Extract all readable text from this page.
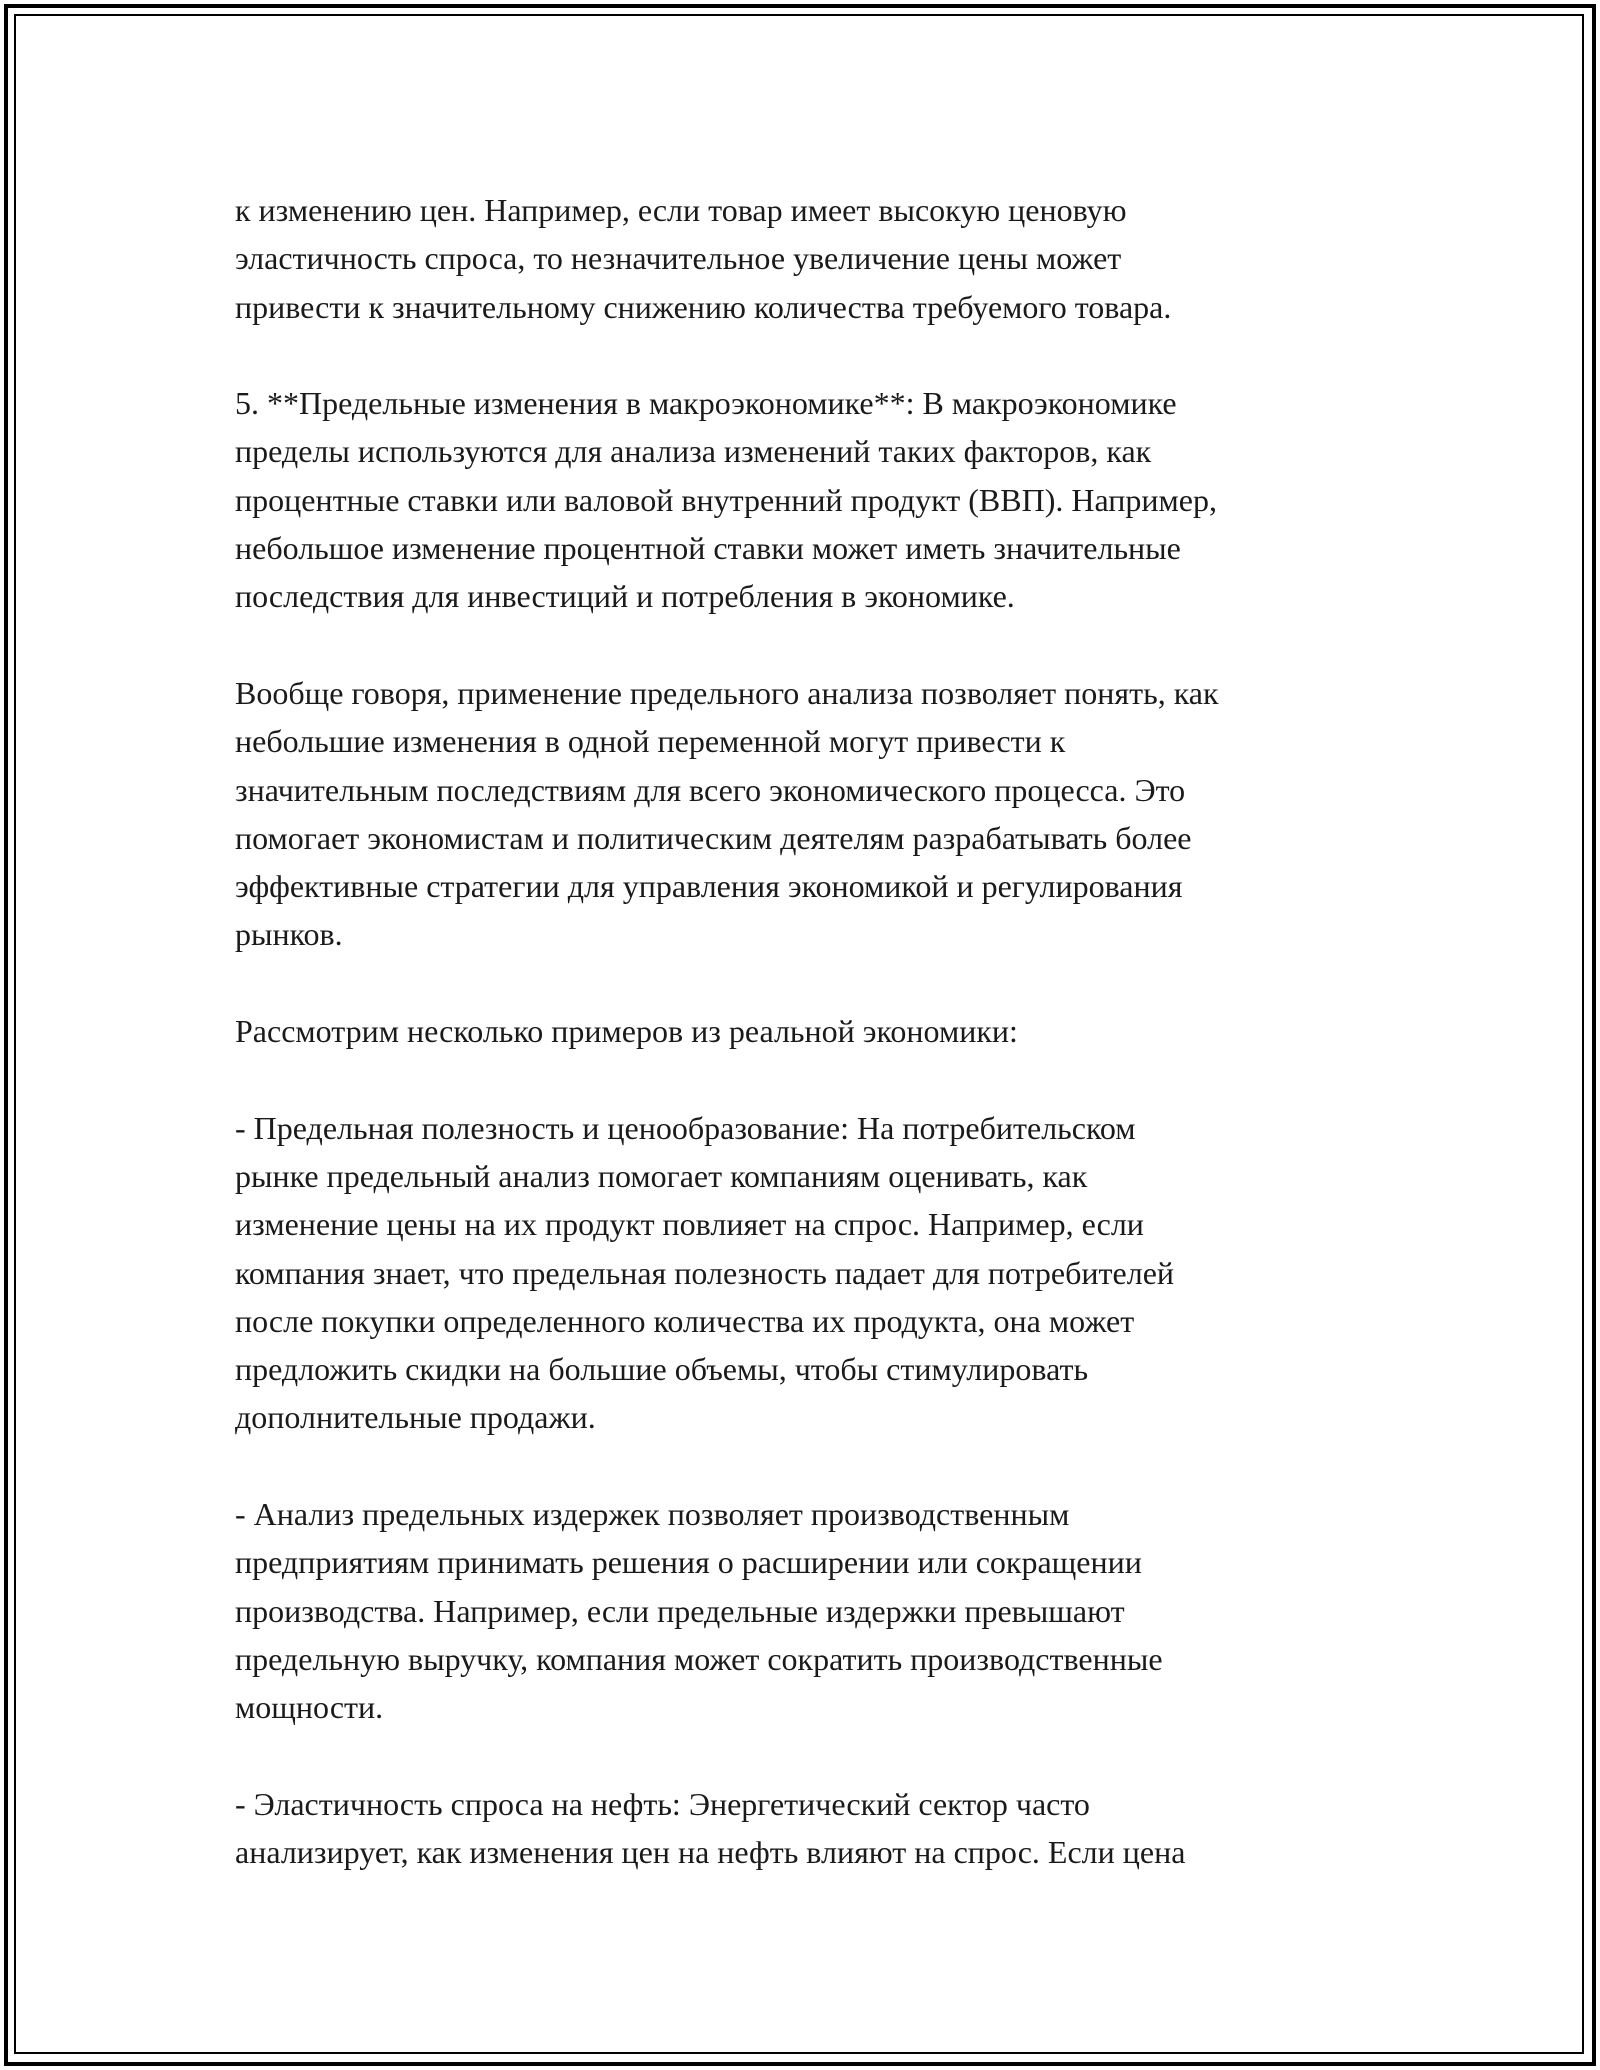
к изменению цен. Например, если товар имеет высокую ценовую
эластичность спроса, то незначительное увеличение цены может
привести к значительному снижению количества требуемого товара.

5. **Предельные изменения в макроэкономике**: В макроэкономике
пределы используются для анализа изменений таких факторов, как
процентные ставки или валовой внутренний продукт (ВВП). Например,
небольшое изменение процентной ставки может иметь значительные
последствия для инвестиций и потребления в экономике.

Вообще говоря, применение предельного анализа позволяет понять, как
небольшие изменения в одной переменной могут привести к
значительным последствиям для всего экономического процесса. Это
помогает экономистам и политическим деятелям разрабатывать более
эффективные стратегии для управления экономикой и регулирования
рынков.

Рассмотрим несколько примеров из реальной экономики:

- Предельная полезность и ценообразование: На потребительском
рынке предельный анализ помогает компаниям оценивать, как
изменение цены на их продукт повлияет на спрос. Например, если
компания знает, что предельная полезность падает для потребителей
после покупки определенного количества их продукта, она может
предложить скидки на большие объемы, чтобы стимулировать
дополнительные продажи.

- Анализ предельных издержек позволяет производственным
предприятиям принимать решения о расширении или сокращении
производства. Например, если предельные издержки превышают
предельную выручку, компания может сократить производственные
мощности.

- Эластичность спроса на нефть: Энергетический сектор часто
анализирует, как изменения цен на нефть влияют на спрос. Если цена
